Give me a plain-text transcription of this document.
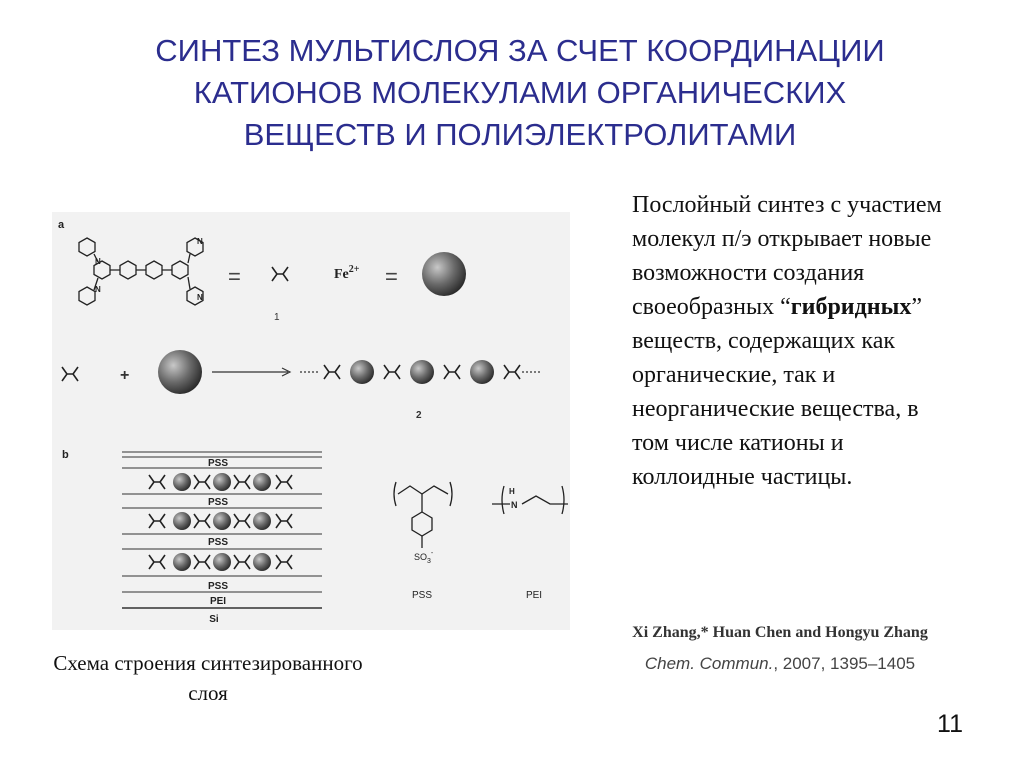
СИНТЕЗ МУЛЬТИСЛОЯ ЗА СЧЕТ КООРДИНАЦИИ
КАТИОНОВ МОЛЕКУЛАМИ ОРГАНИЧЕСКИХ
ВЕЩЕСТВ И ПОЛИЭЛЕКТРОЛИТАМИ
Послойный синтез с участием
молекул п/э открывает новые
возможности создания
своеобразных “гибридных”
веществ, содержащих как
органические, так и
неорганические вещества, в
том числе катионы и
коллоидные частицы.
a
N
N
N
N
=
1
$Fe^{2+}$ =
+
2
b
PSS
PSS
PSS
PSS
PEI
Si
$SO_3^-$
PSS
H
N
PEI
Схема строения синтезированного
слоя
Xi Zhang,* Huan Chen and Hongyu Zhang
Chem. Commun., 2007, 1395–1405
11
